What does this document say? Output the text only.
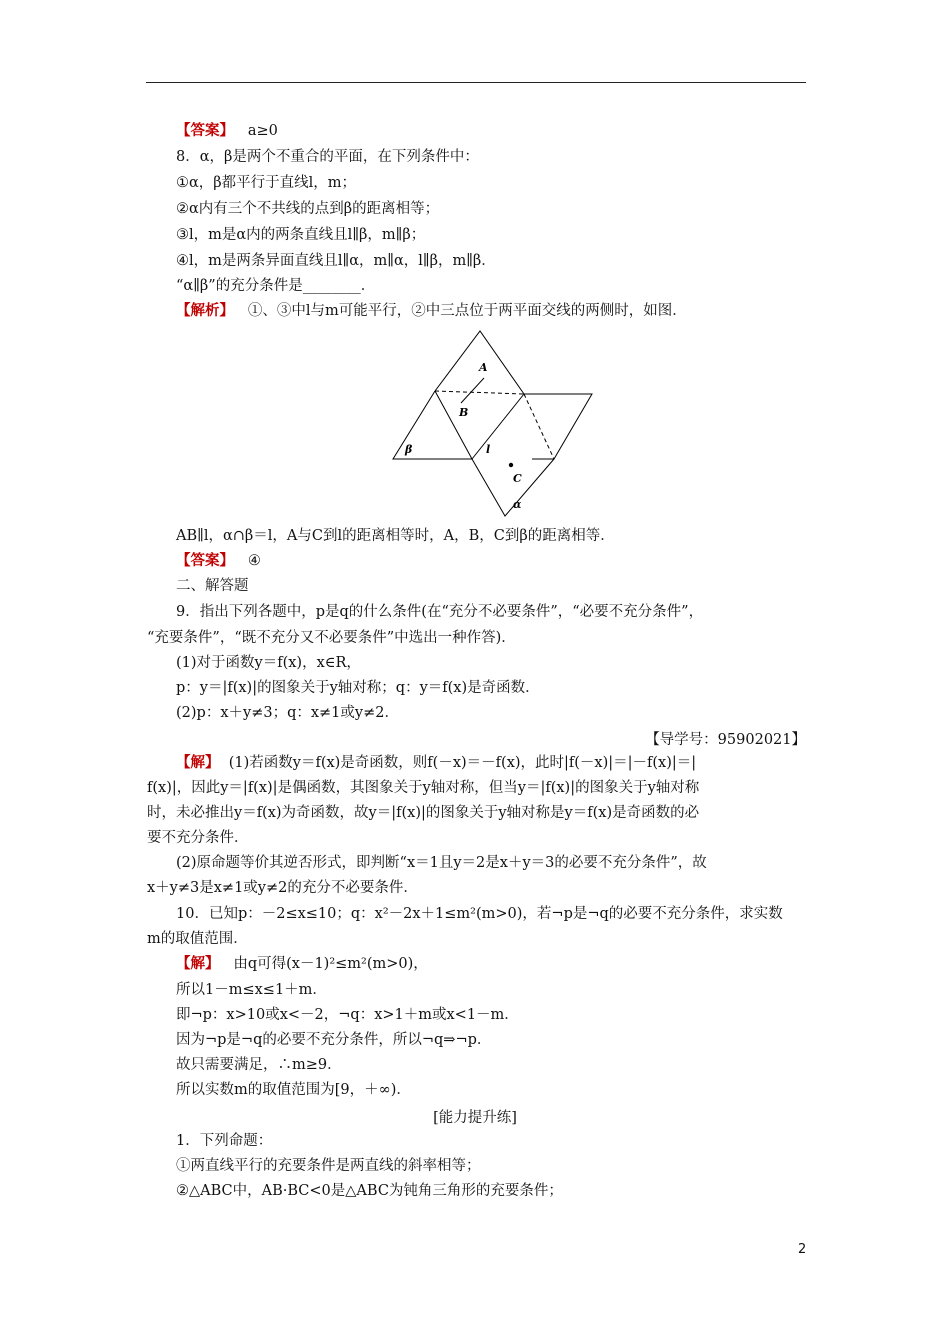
【答案】 a≥0
8．α，β是两个不重合的平面，在下列条件中：
①α，β都平行于直线l，m；
②α内有三个不共线的点到β的距离相等；
③l，m是α内的两条直线且l∥β，m∥β；
④l，m是两条异面直线且l∥α，m∥α，l∥β，m∥β．
“α∥β”的充分条件是________．
【解析】 ①、③中l与m可能平行，②中三点位于两平面交线的两侧时，如图．
A
B
β	l
C
α
AB∥l，α∩β＝l，A与C到l的距离相等时，A，B，C到β的距离相等．
【答案】 ④
二、解答题
9．指出下列各题中，p是q的什么条件(在“充分不必要条件”，“必要不充分条件”，
“充要条件”，“既不充分又不必要条件”中选出一种作答)．
(1)对于函数y＝f(x)，x∈R，
p：y＝|f(x)|的图象关于y轴对称；q：y＝f(x)是奇函数．
(2)p：x＋y≠3；q：x≠1或y≠2．
【导学号：95902021】
【解】 (1)若函数y＝f(x)是奇函数，则f(－x)＝－f(x)，此时|f(－x)|＝|－f(x)|＝|
f(x)|，因此y＝|f(x)|是偶函数，其图象关于y轴对称，但当y＝|f(x)|的图象关于y轴对称
时，未必推出y＝f(x)为奇函数，故y＝|f(x)|的图象关于y轴对称是y＝f(x)是奇函数的必
要不充分条件．
(2)原命题等价其逆否形式，即判断“x＝1且y＝2是x＋y＝3的必要不充分条件”，故
x＋y≠3是x≠1或y≠2的充分不必要条件．
10．已知p：－2≤x≤10；q：x²－2x＋1≤m²(m>0)，若¬p是¬q的必要不充分条件，求实数
m的取值范围．
【解】 由q可得(x－1)²≤m²(m>0)，
所以1－m≤x≤1＋m．
即¬p：x>10或x<－2，¬q：x>1＋m或x<1－m．
因为¬p是¬q的必要不充分条件，所以¬q⇒¬p．
故只需要满足，∴m≥9．
所以实数m的取值范围为[9，＋∞)．
[能力提升练]
1．下列命题：
①两直线平行的充要条件是两直线的斜率相等；
②△ABC中，AB·BC<0是△ABC为钝角三角形的充要条件；
2
